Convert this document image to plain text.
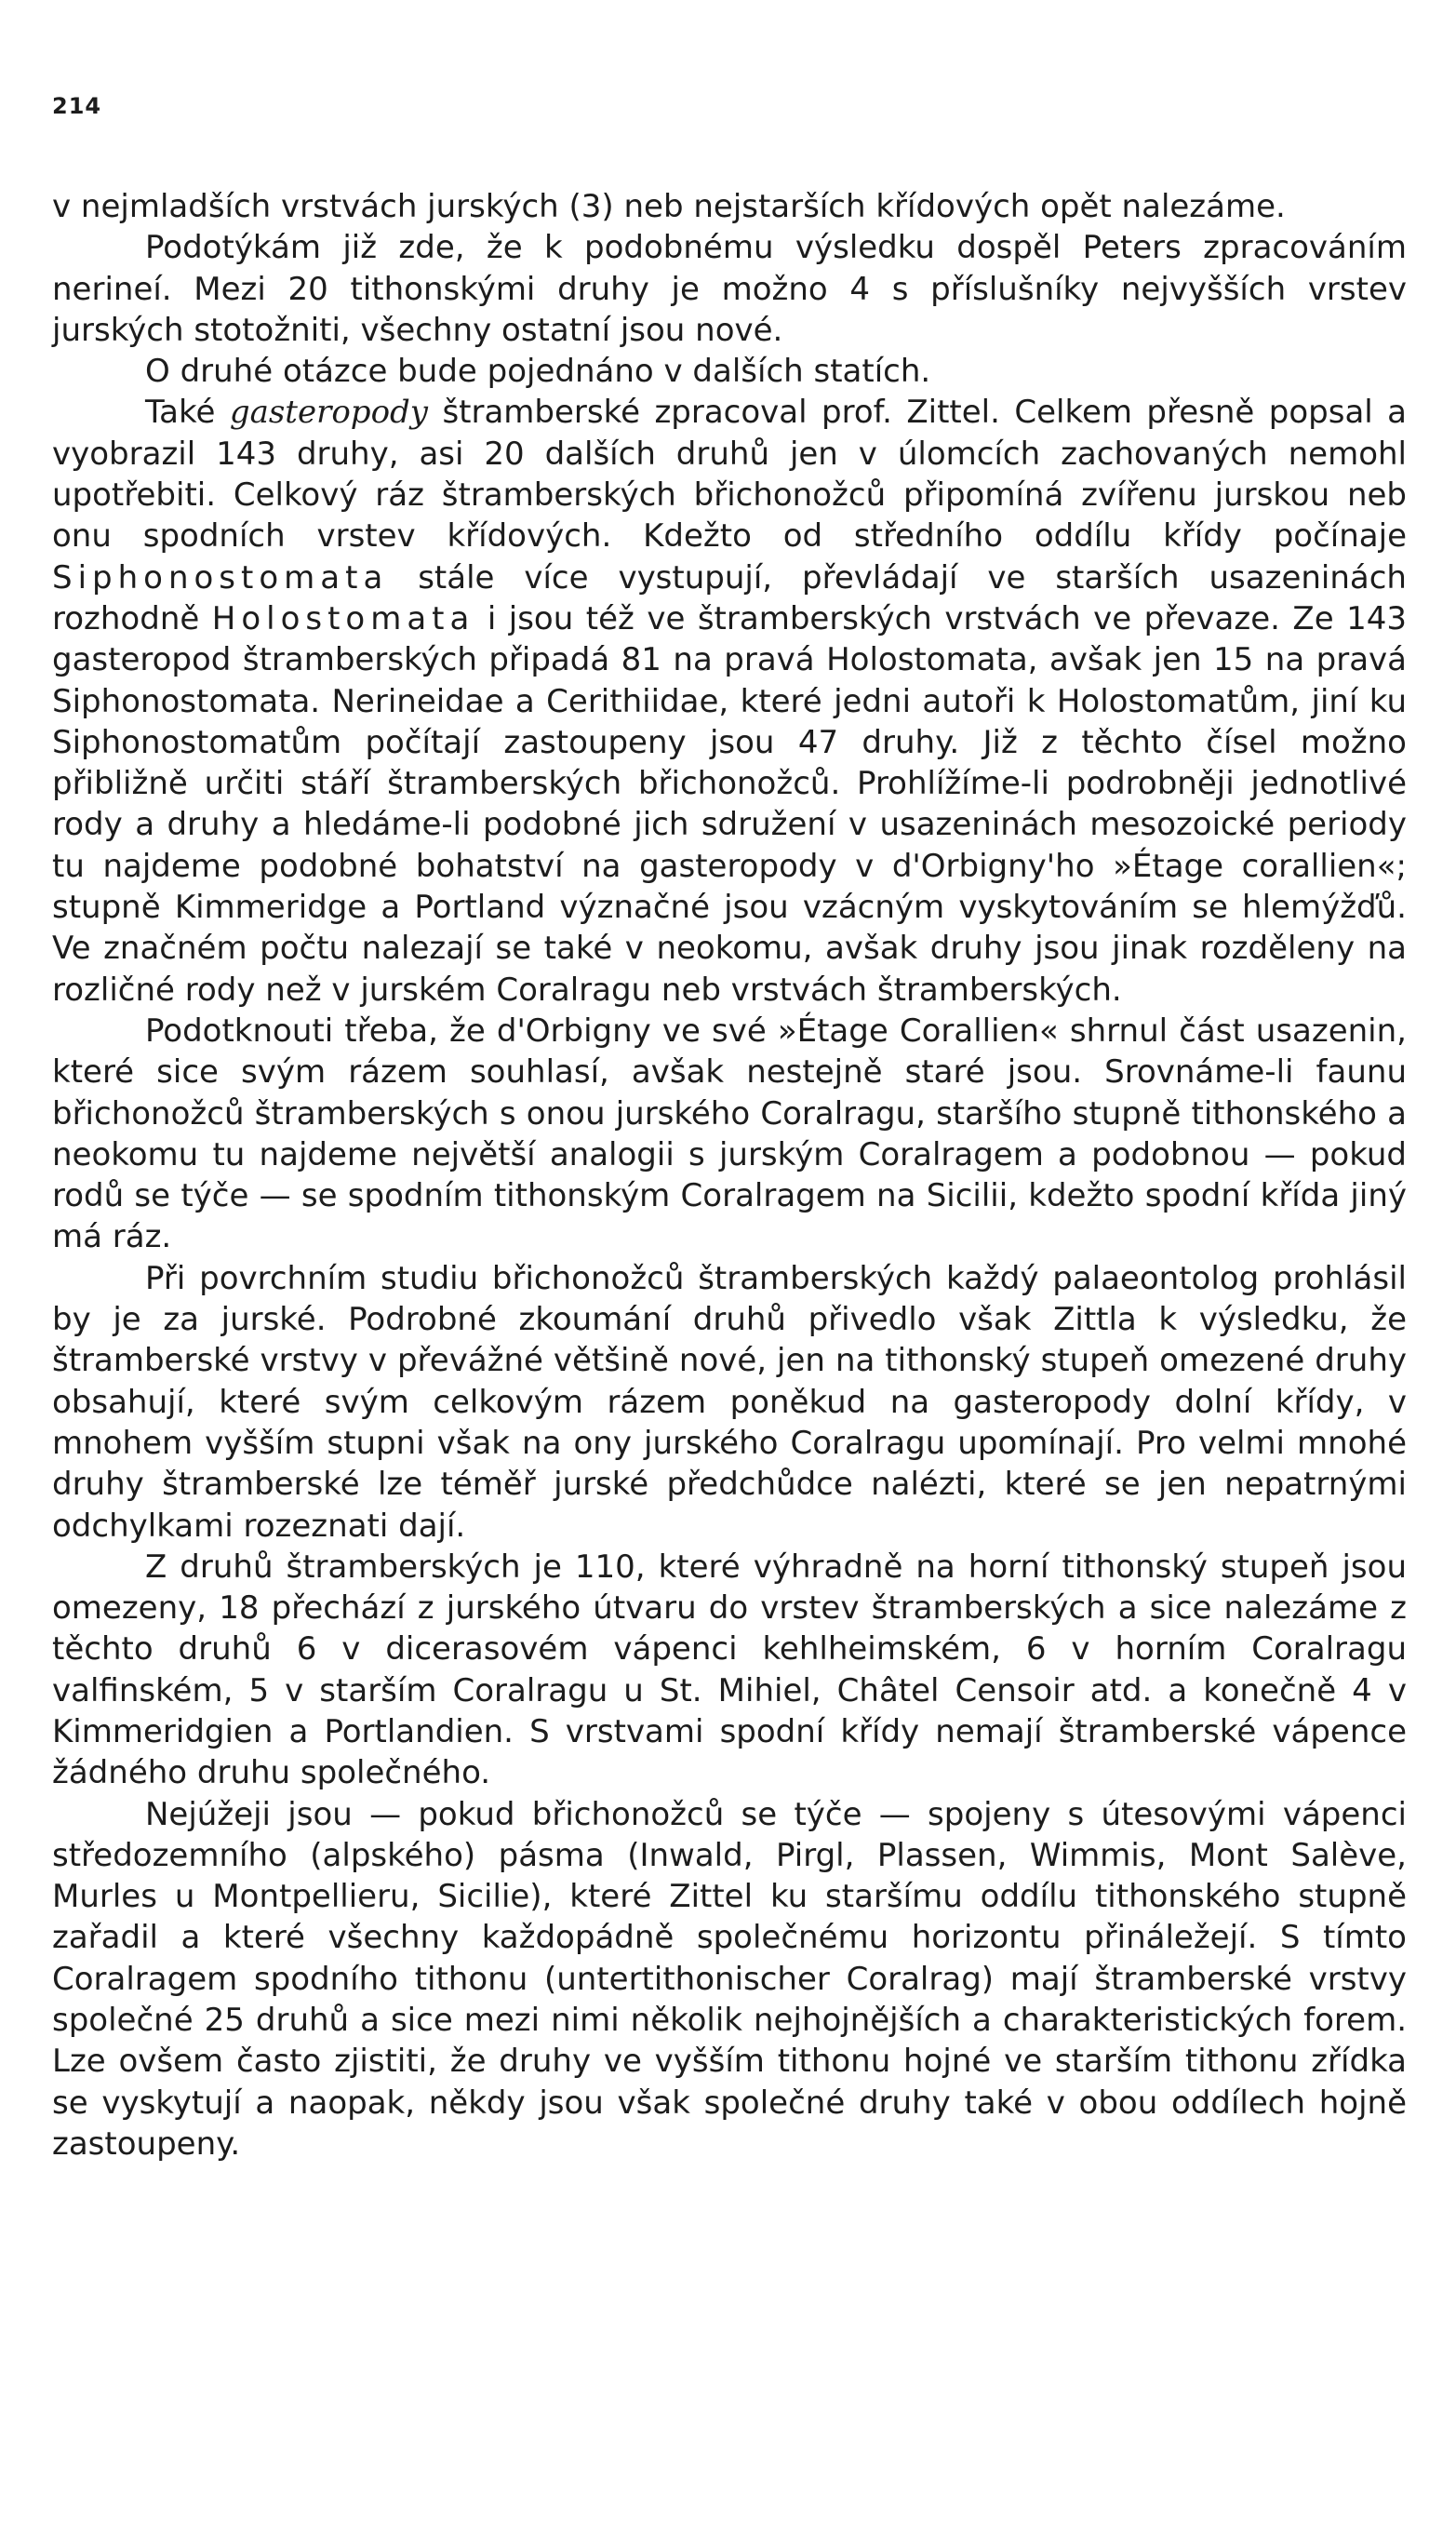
214

v nejmladších vrstvách jurských (3) neb nejstarších křídových opět nalezáme.

Podotýkám již zde, že k podobnému výsledku dospěl Peters zpracováním nerineí. Mezi 20 tithonskými druhy je možno 4 s příslušníky nejvyšších vrstev jurských stotožniti, všechny ostatní jsou nové.

O druhé otázce bude pojednáno v dalších statích.

Také gasteropody štramberské zpracoval prof. Zittel. Celkem přesně popsal a vyobrazil 143 druhy, asi 20 dalších druhů jen v úlomcích zachovaných nemohl upotřebiti. Celkový ráz štramberských břichonožců připomíná zvířenu jurskou neb onu spodních vrstev křídových. Kdežto od středního oddílu křídy počínaje Siphonostomata stále více vystupují, převládají ve starších usazeninách rozhodně Holostomata i jsou též ve štramberských vrstvách ve převaze. Ze 143 gasteropod štramberských připadá 81 na pravá Holostomata, avšak jen 15 na pravá Siphonostomata. Nerineidae a Cerithiidae, které jedni autoři k Holostomatům, jiní ku Siphonostomatům počítají zastoupeny jsou 47 druhy. Již z těchto čísel možno přibližně určiti stáří štramberských břichonožců. Prohlížíme-li podrobněji jednotlivé rody a druhy a hledáme-li podobné jich sdružení v usazeninách mesozoické periody tu najdeme podobné bohatství na gasteropody v d'Orbigny'ho »Étage corallien«; stupně Kimmeridge a Portland význačné jsou vzácným vyskytováním se hlemýžďů. Ve značném počtu nalezají se také v neokomu, avšak druhy jsou jinak rozděleny na rozličné rody než v jurském Coralragu neb vrstvách štramberských.

Podotknouti třeba, že d'Orbigny ve své »Étage Corallien« shrnul část usazenin, které sice svým rázem souhlasí, avšak nestejně staré jsou. Srovnáme-li faunu břichonožců štramberských s onou jurského Coralragu, staršího stupně tithonského a neokomu tu najdeme největší analogii s jurským Coralragem a podobnou — pokud rodů se týče — se spodním tithonským Coralragem na Sicilii, kdežto spodní křída jiný má ráz.

Při povrchním studiu břichonožců štramberských každý palaeontolog prohlásil by je za jurské. Podrobné zkoumání druhů přivedlo však Zittla k výsledku, že štramberské vrstvy v převážné většině nové, jen na tithonský stupeň omezené druhy obsahují, které svým celkovým rázem poněkud na gasteropody dolní křídy, v mnohem vyšším stupni však na ony jurského Coralragu upomínají. Pro velmi mnohé druhy štramberské lze téměř jurské předchůdce nalézti, které se jen nepatrnými odchylkami rozeznati dají.

Z druhů štramberských je 110, které výhradně na horní tithonský stupeň jsou omezeny, 18 přechází z jurského útvaru do vrstev štramberských a sice nalezáme z těchto druhů 6 v dicerasovém vápenci kehlheimském, 6 v horním Coralragu valfinském, 5 v starším Coralragu u St. Mihiel, Châtel Censoir atd. a konečně 4 v Kimmeridgien a Portlandien. S vrstvami spodní křídy nemají štramberské vápence žádného druhu společného.

Nejúžeji jsou — pokud břichonožců se týče — spojeny s útesovými vápenci středozemního (alpského) pásma (Inwald, Pirgl, Plassen, Wimmis, Mont Salève, Murles u Montpellieru, Sicilie), které Zittel ku staršímu oddílu tithonského stupně zařadil a které všechny každopádně společnému horizontu přináležejí. S tímto Coralragem spodního tithonu (untertithonischer Coralrag) mají štramberské vrstvy společné 25 druhů a sice mezi nimi několik nejhojnějších a charakteristických forem. Lze ovšem často zjistiti, že druhy ve vyšším tithonu hojné ve starším tithonu zřídka se vyskytují a naopak, někdy jsou však společné druhy také v obou oddílech hojně zastoupeny.
